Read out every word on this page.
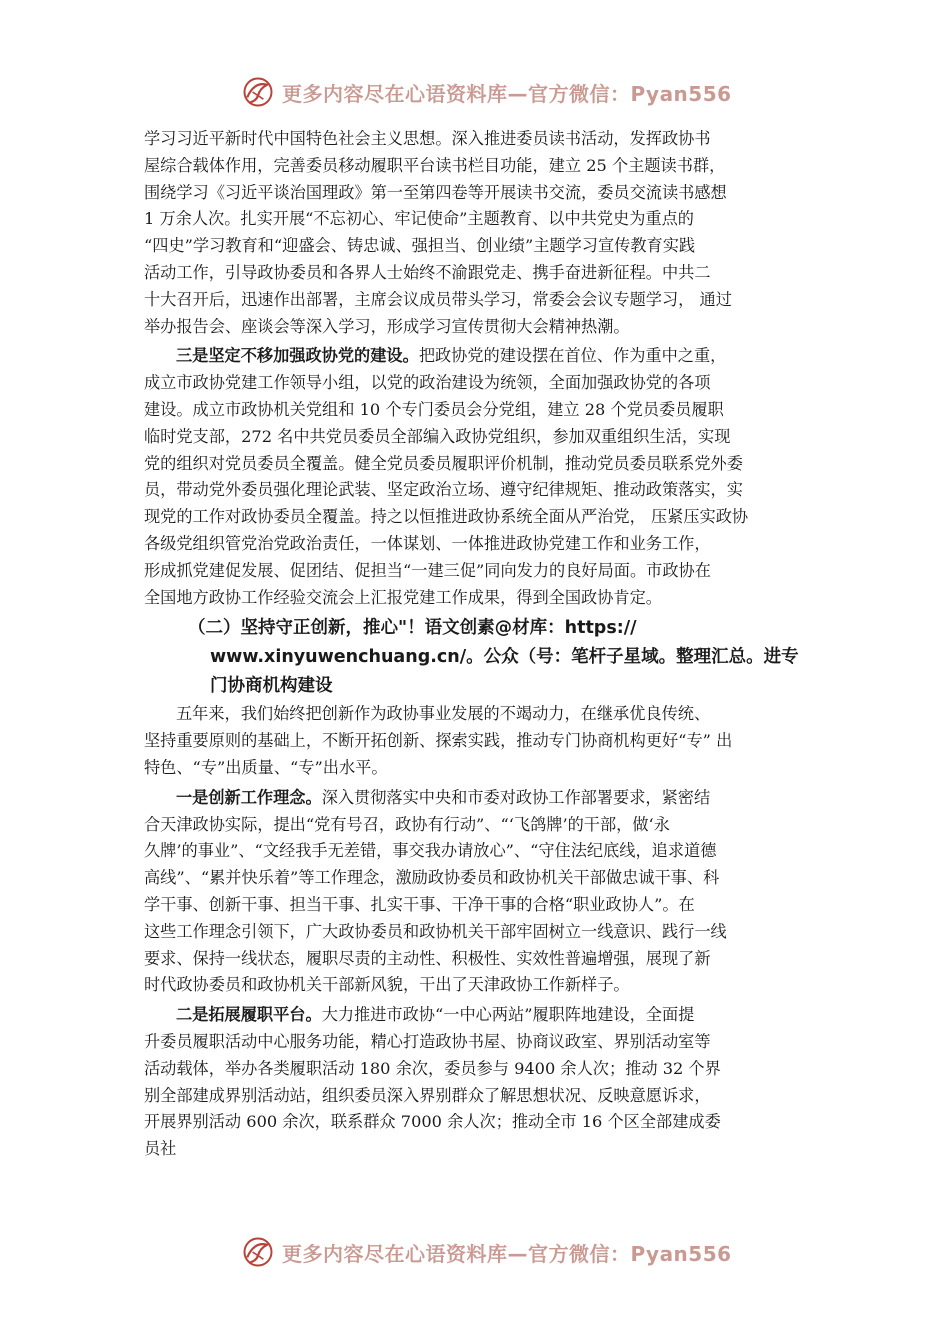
更多内容尽在心语资料库—官方微信：Pyan556
学习习近平新时代中国特色社会主义思想。深入推进委员读书活动，发挥政协书
屋综合载体作用，完善委员移动履职平台读书栏目功能，建立 25 个主题读书群，
围绕学习《习近平谈治国理政》第一至第四卷等开展读书交流，委员交流读书感想
1 万余人次。扎实开展“不忘初心、牢记使命”主题教育、以中共党史为重点的
“四史”学习教育和“迎盛会、铸忠诚、强担当、创业绩”主题学习宣传教育实践
活动工作，引导政协委员和各界人士始终不渝跟党走、携手奋进新征程。中共二
十大召开后，迅速作出部署，主席会议成员带头学习，常委会会议专题学习， 通过
举办报告会、座谈会等深入学习，形成学习宣传贯彻大会精神热潮。
三是坚定不移加强政协党的建设。把政协党的建设摆在首位、作为重中之重，
成立市政协党建工作领导小组，以党的政治建设为统领，全面加强政协党的各项
建设。成立市政协机关党组和 10 个专门委员会分党组，建立 28 个党员委员履职
临时党支部，272 名中共党员委员全部编入政协党组织，参加双重组织生活，实现
党的组织对党员委员全覆盖。健全党员委员履职评价机制，推动党员委员联系党外委
员，带动党外委员强化理论武装、坚定政治立场、遵守纪律规矩、推动政策落实，实
现党的工作对政协委员全覆盖。持之以恒推进政协系统全面从严治党， 压紧压实政协
各级党组织管党治党政治责任，一体谋划、一体推进政协党建工作和业务工作，
形成抓党建促发展、促团结、促担当“一建三促”同向发力的良好局面。市政协在
全国地方政协工作经验交流会上汇报党建工作成果，得到全国政协肯定。
（二）坚持守正创新，推心"！语文创素@材库：https://
www.xinyuwenchuang.cn/。公众（号：笔杆子星域。整理汇总。进专
门协商机构建设
五年来，我们始终把创新作为政协事业发展的不竭动力，在继承优良传统、
坚持重要原则的基础上，不断开拓创新、探索实践，推动专门协商机构更好“专” 出
特色、“专”出质量、“专”出水平。
一是创新工作理念。深入贯彻落实中央和市委对政协工作部署要求，紧密结
合天津政协实际，提出“党有号召，政协有行动”、“‘飞鸽牌’的干部，做‘永
久牌’的事业”、“文经我手无差错，事交我办请放心”、“守住法纪底线，追求道德
高线”、“累并快乐着”等工作理念，激励政协委员和政协机关干部做忠诚干事、科
学干事、创新干事、担当干事、扎实干事、干净干事的合格“职业政协人”。在
这些工作理念引领下，广大政协委员和政协机关干部牢固树立一线意识、践行一线
要求、保持一线状态，履职尽责的主动性、积极性、实效性普遍增强，展现了新
时代政协委员和政协机关干部新风貌，干出了天津政协工作新样子。
二是拓展履职平台。大力推进市政协“一中心两站”履职阵地建设，全面提
升委员履职活动中心服务功能，精心打造政协书屋、协商议政室、界别活动室等
活动载体，举办各类履职活动 180 余次，委员参与 9400 余人次；推动 32 个界
别全部建成界别活动站，组织委员深入界别群众了解思想状况、反映意愿诉求，
开展界别活动 600 余次，联系群众 7000 余人次；推动全市 16 个区全部建成委
员社
更多内容尽在心语资料库—官方微信：Pyan556
